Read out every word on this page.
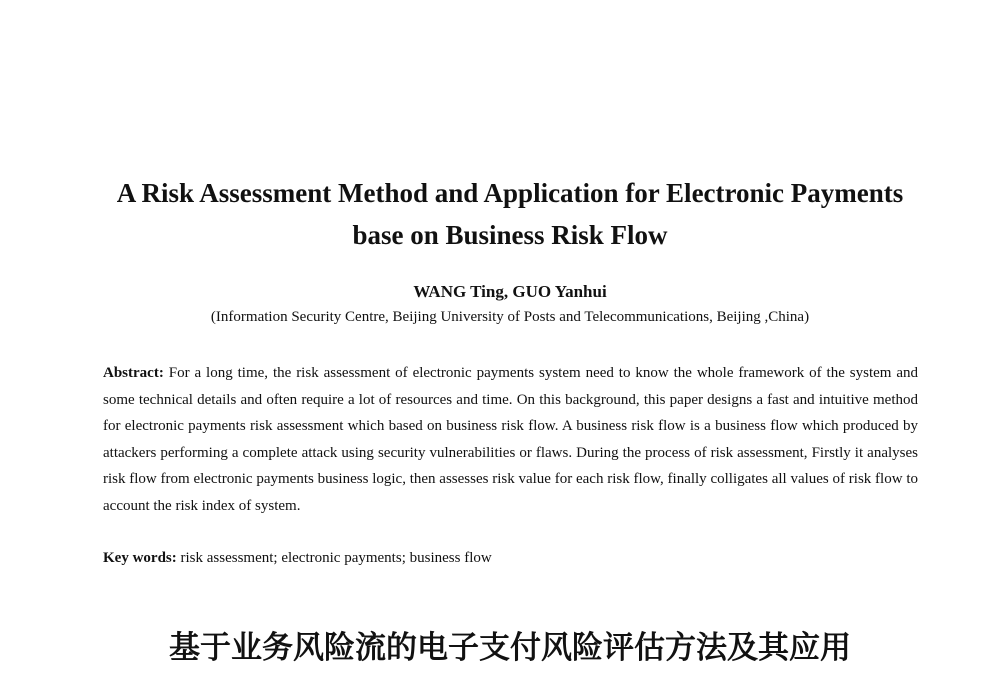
A Risk Assessment Method and Application for Electronic Payments base on Business Risk Flow
WANG Ting, GUO Yanhui
(Information Security Centre, Beijing University of Posts and Telecommunications, Beijing ,China)

Abstract: For a long time, the risk assessment of electronic payments system need to know the whole framework of the system and some technical details and often require a lot of resources and time. On this background, this paper designs a fast and intuitive method for electronic payments risk assessment which based on business risk flow. A business risk flow is a business flow which produced by attackers performing a complete attack using security vulnerabilities or flaws. During the process of risk assessment, Firstly it analyses risk flow from electronic payments business logic, then assesses risk value for each risk flow, finally colligates all values of risk flow to account the risk index of system.

Key words: risk assessment; electronic payments; business flow

基于业务风险流的电子支付风险评估方法及其应用
